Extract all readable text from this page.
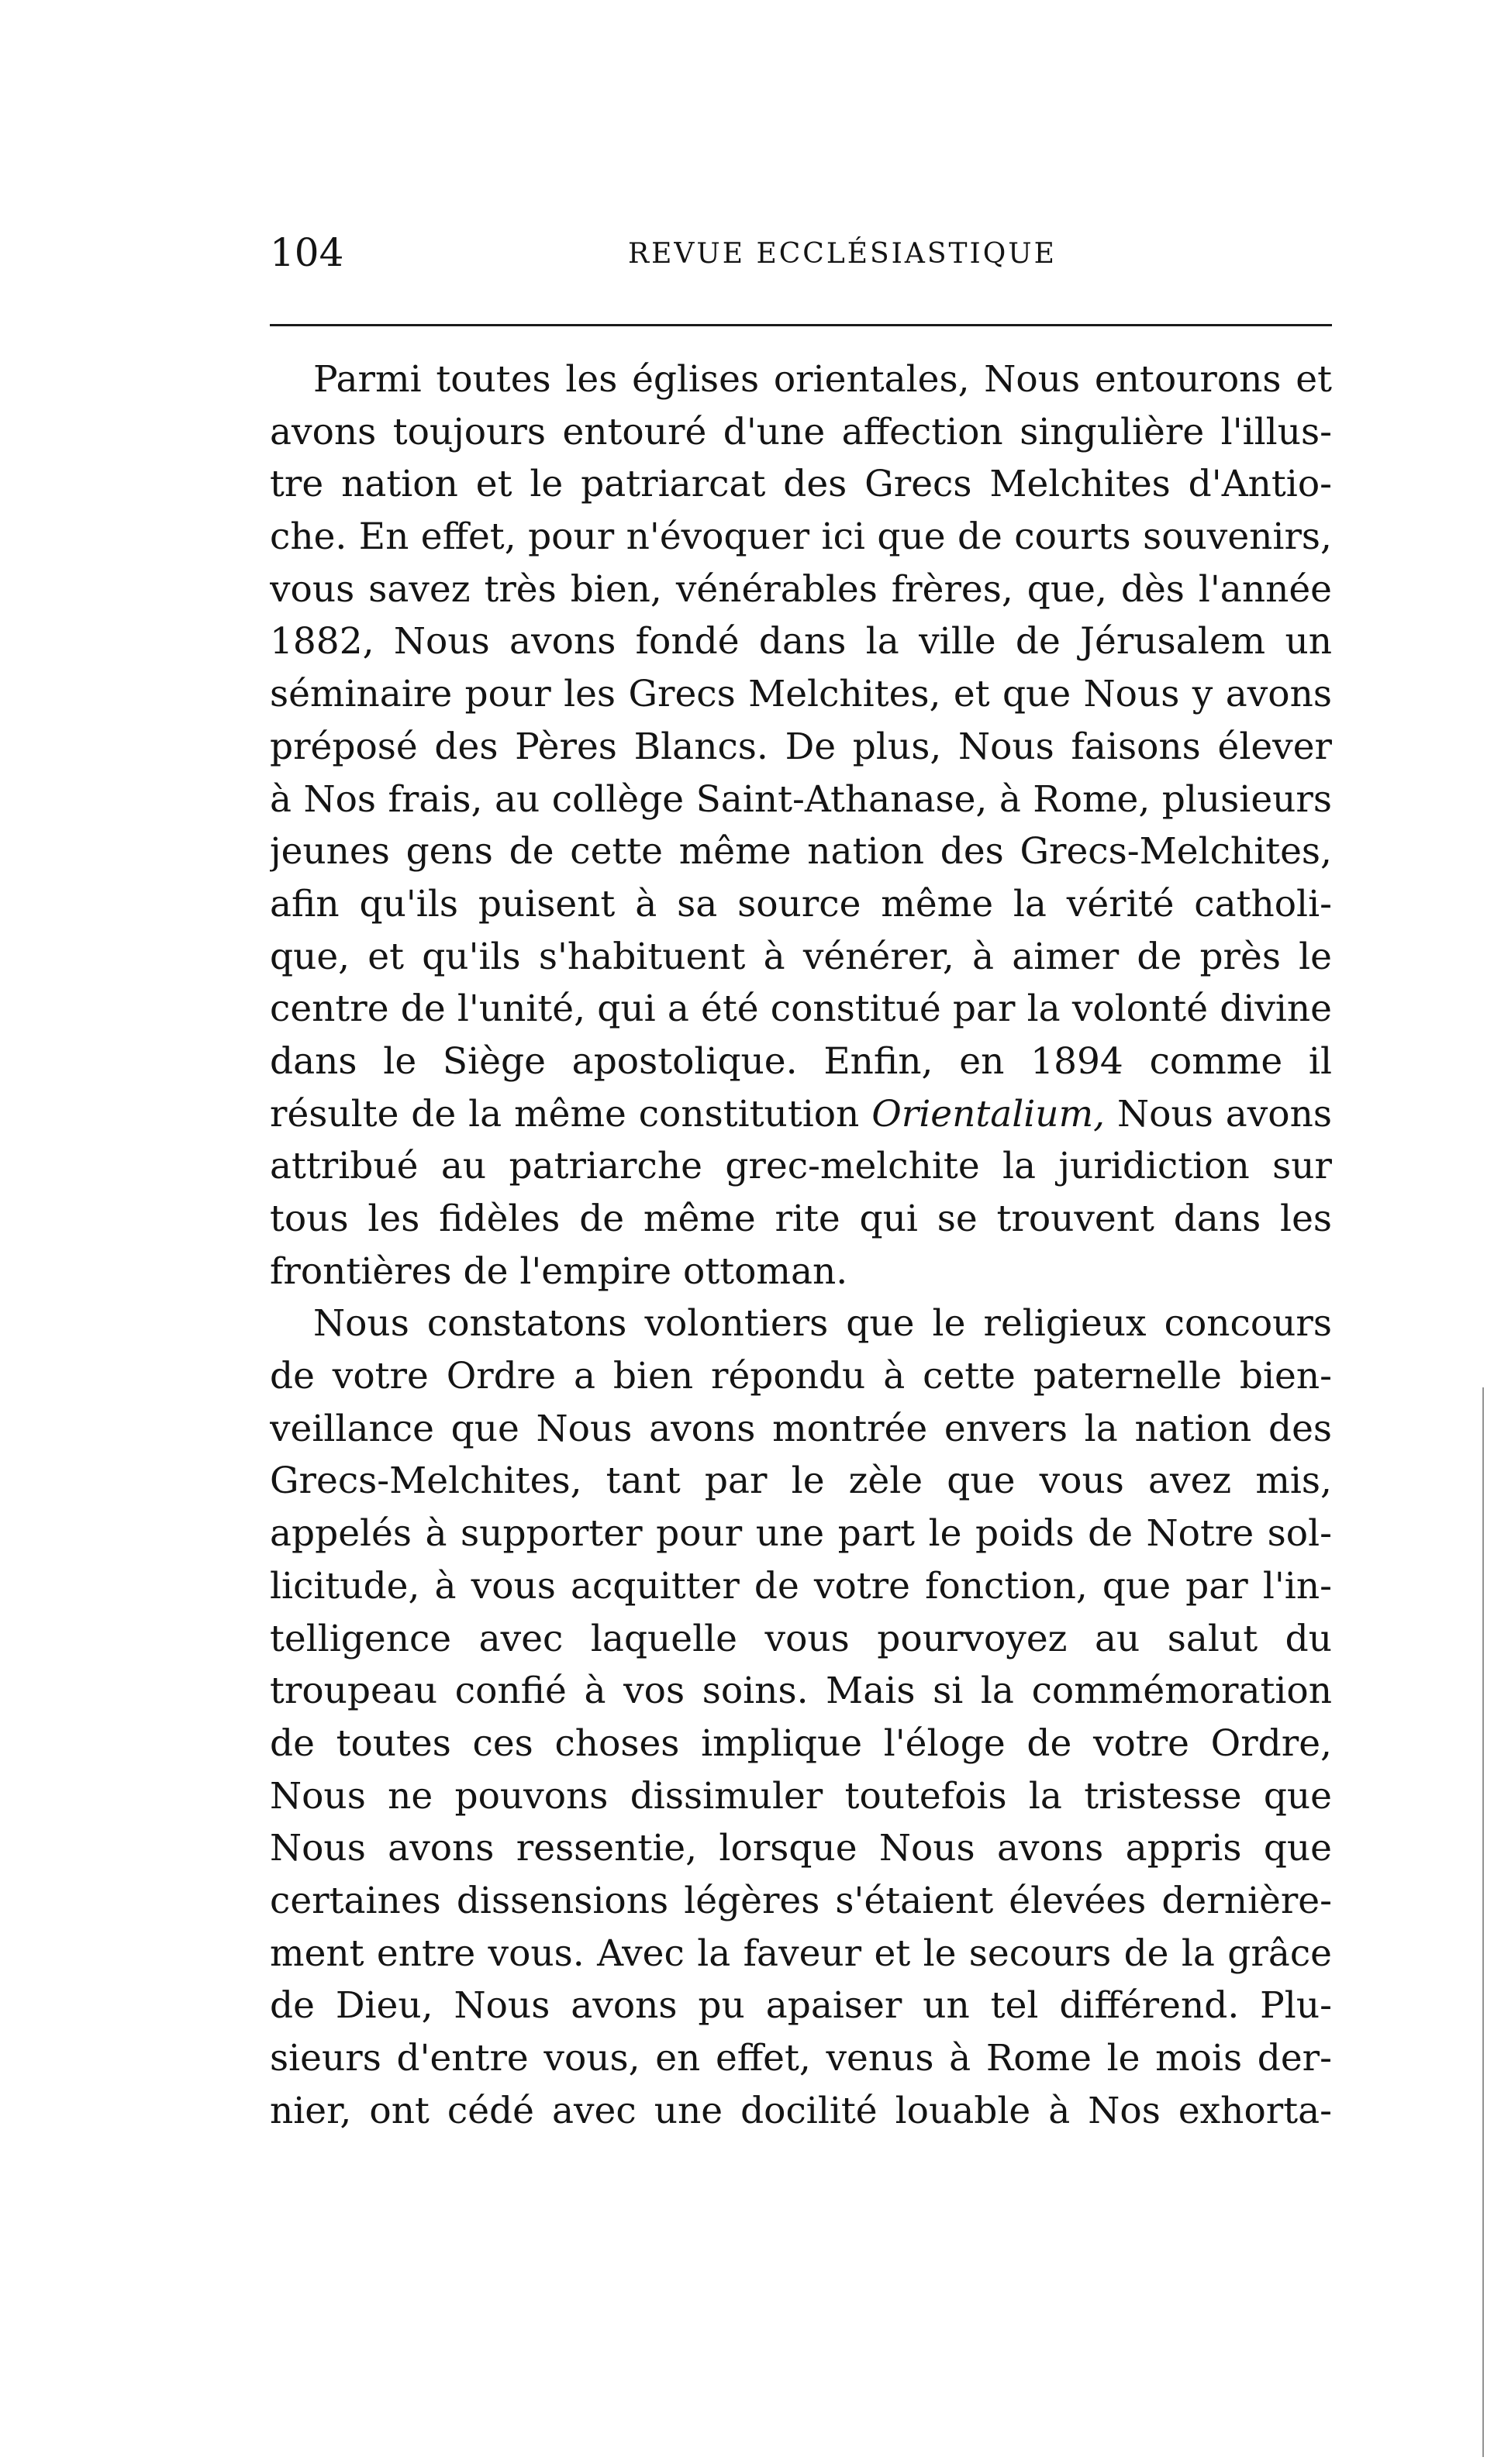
104	REVUE ECCLÉSIASTIQUE
Parmi toutes les églises orientales, Nous entourons et
avons toujours entouré d'une affection singulière l'illus-
tre nation et le patriarcat des Grecs Melchites d'Antio-
che. En effet, pour n'évoquer ici que de courts souvenirs,
vous savez très bien, vénérables frères, que, dès l'année
1882, Nous avons fondé dans la ville de Jérusalem un
séminaire pour les Grecs Melchites, et que Nous y avons
préposé des Pères Blancs. De plus, Nous faisons élever
à Nos frais, au collège Saint-Athanase, à Rome, plusieurs
jeunes gens de cette même nation des Grecs-Melchites,
afin qu'ils puisent à sa source même la vérité catholi-
que, et qu'ils s'habituent à vénérer, à aimer de près le
centre de l'unité, qui a été constitué par la volonté divine
dans le Siège apostolique. Enfin, en 1894 comme il
résulte de la même constitution Orientalium, Nous avons
attribué au patriarche grec-melchite la juridiction sur
tous les fidèles de même rite qui se trouvent dans les
frontières de l'empire ottoman.
Nous constatons volontiers que le religieux concours
de votre Ordre a bien répondu à cette paternelle bien-
veillance que Nous avons montrée envers la nation des
Grecs-Melchites, tant par le zèle que vous avez mis,
appelés à supporter pour une part le poids de Notre sol-
licitude, à vous acquitter de votre fonction, que par l'in-
telligence avec laquelle vous pourvoyez au salut du
troupeau confié à vos soins. Mais si la commémoration
de toutes ces choses implique l'éloge de votre Ordre,
Nous ne pouvons dissimuler toutefois la tristesse que
Nous avons ressentie, lorsque Nous avons appris que
certaines dissensions légères s'étaient élevées dernière-
ment entre vous. Avec la faveur et le secours de la grâce
de Dieu, Nous avons pu apaiser un tel différend. Plu-
sieurs d'entre vous, en effet, venus à Rome le mois der-
nier, ont cédé avec une docilité louable à Nos exhorta-
